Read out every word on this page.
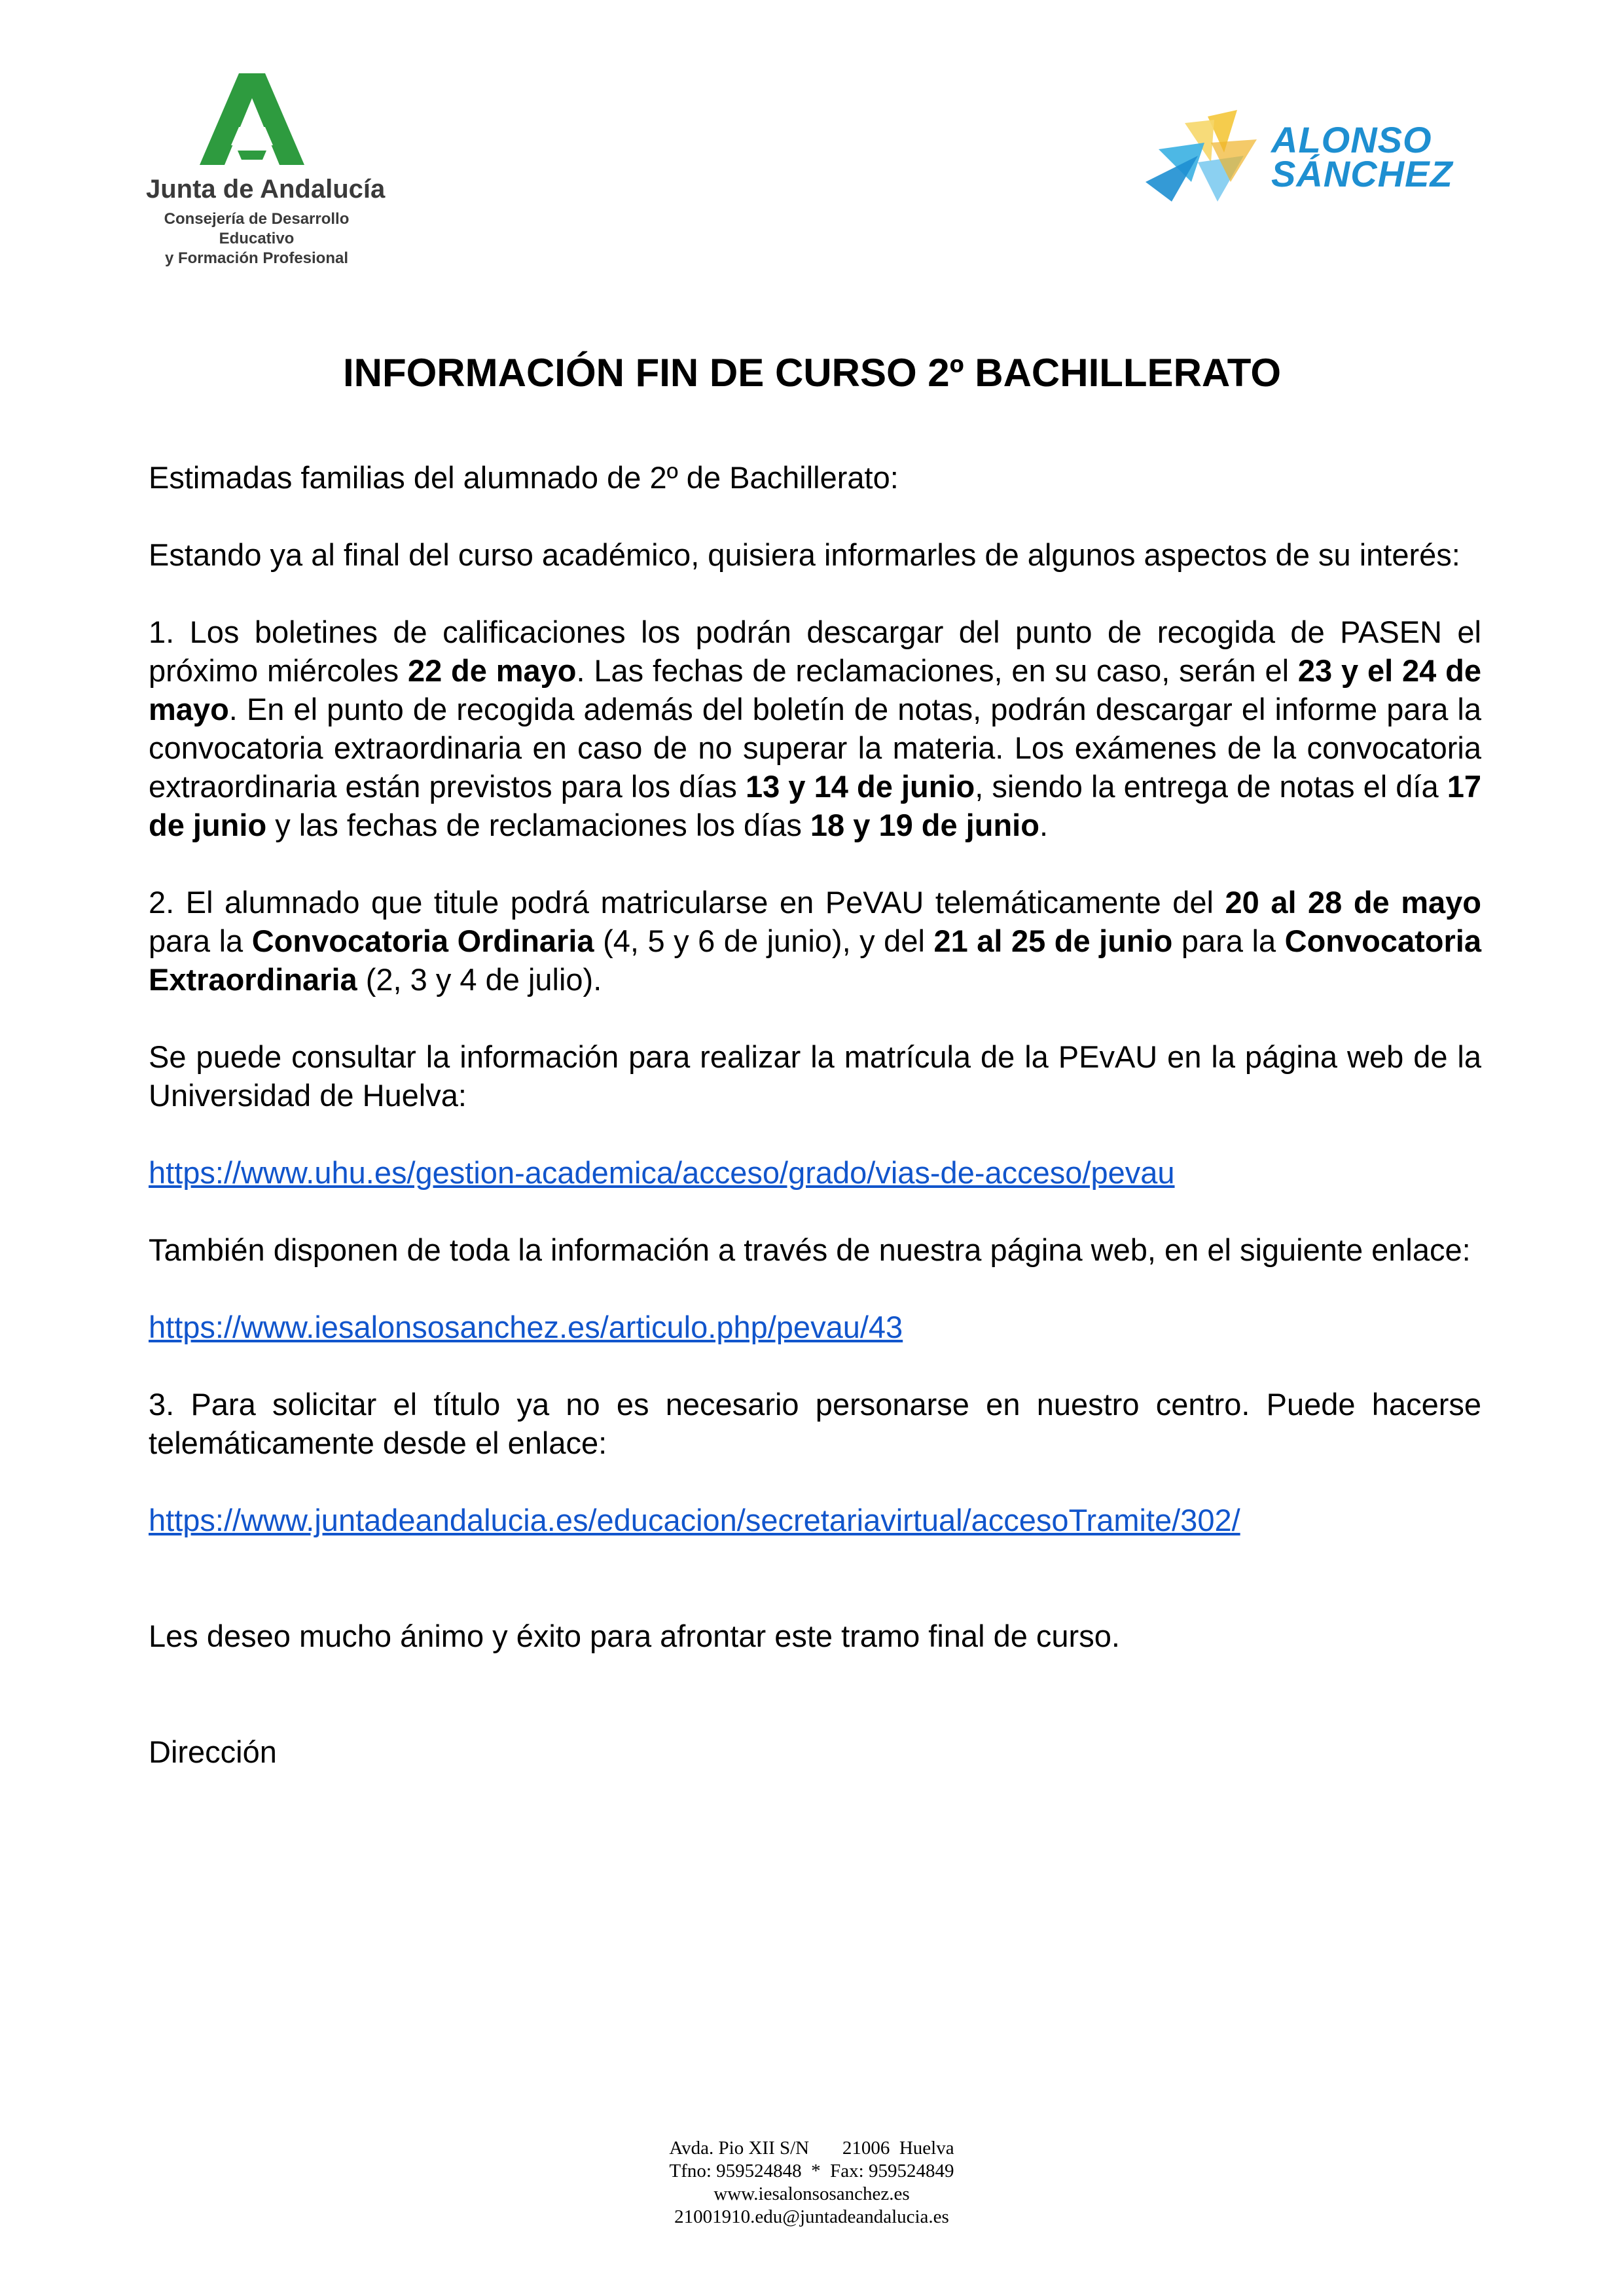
Junta de Andalucía
Consejería de Desarrollo Educativo
y Formación Profesional
ALONSO
SÁNCHEZ
INFORMACIÓN FIN DE CURSO 2º BACHILLERATO

Estimadas familias del alumnado de 2º de Bachillerato:

Estando ya al final del curso académico, quisiera informarles de algunos aspectos de su interés:

1. Los boletines de calificaciones los podrán descargar del punto de recogida de PASEN el próximo miércoles 22 de mayo. Las fechas de reclamaciones, en su caso, serán el 23 y el 24 de mayo. En el punto de recogida además del boletín de notas, podrán descargar el informe para la convocatoria extraordinaria en caso de no superar la materia. Los exámenes de la convocatoria extraordinaria están previstos para los días 13 y 14 de junio, siendo la entrega de notas el día 17 de junio y las fechas de reclamaciones los días 18 y 19 de junio.

2. El alumnado que titule podrá matricularse en PeVAU telemáticamente del 20 al 28 de mayo para la Convocatoria Ordinaria (4, 5 y 6 de junio), y del 21 al 25 de junio para la Convocatoria Extraordinaria (2, 3 y 4 de julio).

Se puede consultar la información para realizar la matrícula de la PEvAU en la página web de la Universidad de Huelva:

https://www.uhu.es/gestion-academica/acceso/grado/vias-de-acceso/pevau

También disponen de toda la información a través de nuestra página web, en el siguiente enlace:

https://www.iesalonsosanchez.es/articulo.php/pevau/43

3. Para solicitar el título ya no es necesario personarse en nuestro centro. Puede hacerse telemáticamente desde el enlace:

https://www.juntadeandalucia.es/educacion/secretariavirtual/accesoTramite/302/

Les deseo mucho ánimo y éxito para afrontar este tramo final de curso.

Dirección

Avda. Pio XII S/N       21006  Huelva
Tfno: 959524848  *  Fax: 959524849
www.iesalonsosanchez.es
21001910.edu@juntadeandalucia.es
